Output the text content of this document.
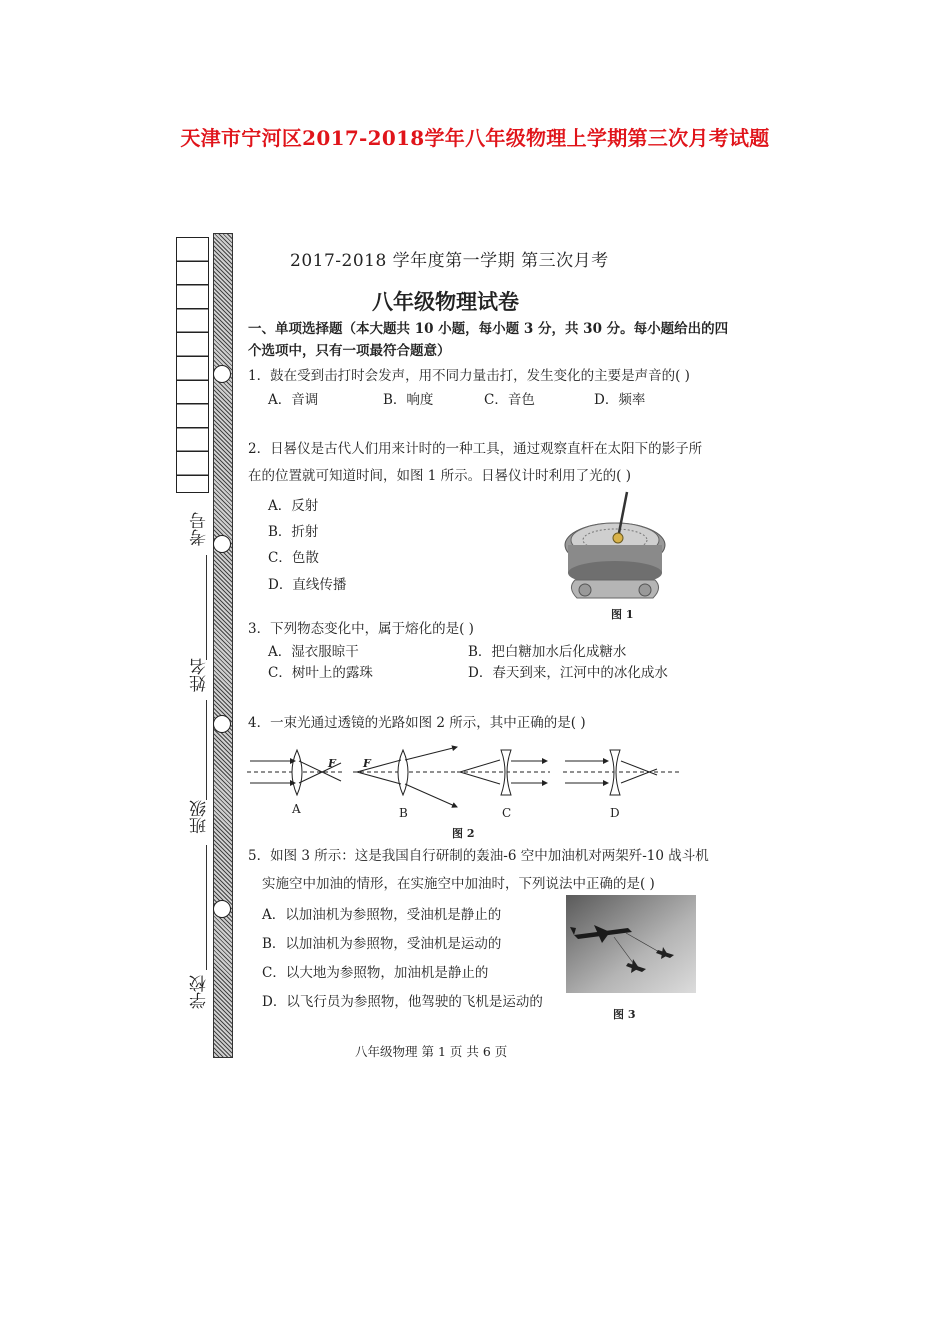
天津市宁河区2017-2018学年八年级物理上学期第三次月考试题
考号
姓名
班级
学校
2017-2018 学年度第一学期 第三次月考
八年级物理试卷
一、单项选择题（本大题共 10 小题，每小题 3 分，共 30 分。每小题给出的四
个选项中，只有一项最符合题意）
1．鼓在受到击打时会发声，用不同力量击打，发生变化的主要是声音的( )
A．音调	B．响度	C．音色	D．频率
2．日晷仪是古代人们用来计时的一种工具，通过观察直杆在太阳下的影子所
在的位置就可知道时间，如图 1 所示。日晷仪计时利用了光的( )
A．反射
B．折射
C．色散
D．直线传播
图 1
3．下列物态变化中，属于熔化的是( )
A．湿衣服晾干	B．把白糖加水后化成糖水
C．树叶上的露珠	D．春天到来，江河中的冰化成水
4．一束光通过透镜的光路如图 2 所示，其中正确的是( )
F F
A	B	C	D
图 2
5．如图 3 所示：这是我国自行研制的轰油-6 空中加油机对两架歼-10 战斗机
实施空中加油的情形，在实施空中加油时，下列说法中正确的是( )
A．以加油机为参照物，受油机是静止的
B．以加油机为参照物，受油机是运动的
C．以大地为参照物，加油机是静止的
D．以飞行员为参照物，他驾驶的飞机是运动的
图 3
八年级物理 第 1 页 共 6 页
